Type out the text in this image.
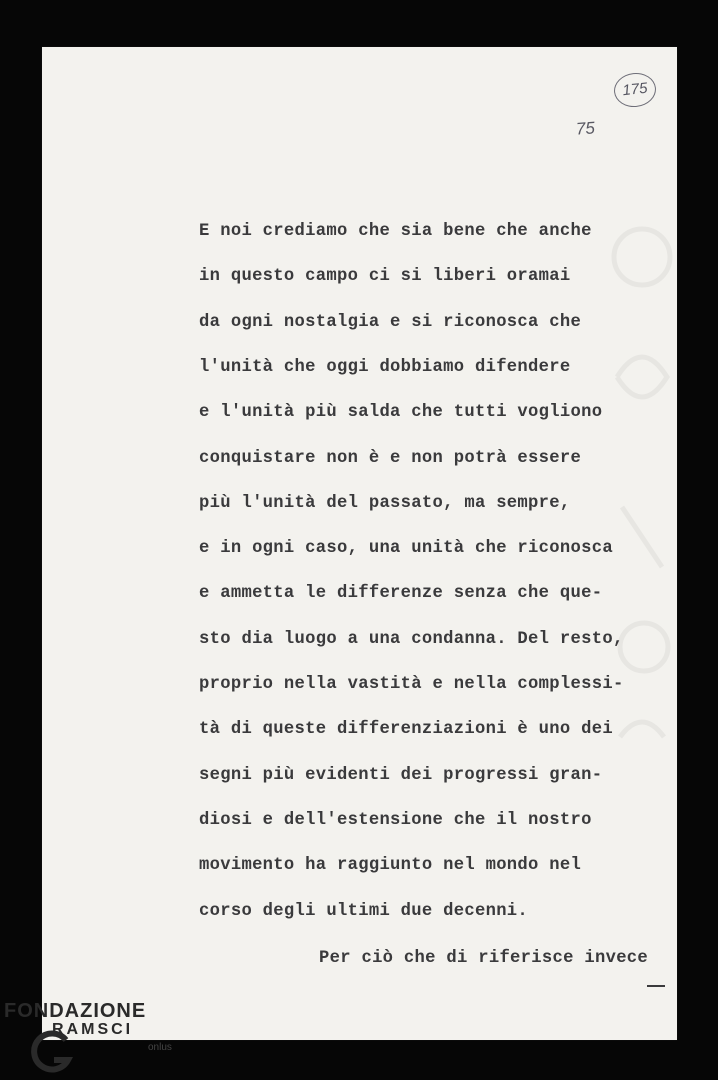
175
75
E noi crediamo che sia bene che anche
in questo campo ci si liberi oramai
da ogni nostalgia e si riconosca che
l'unità che oggi dobbiamo difendere
e l'unità più salda che tutti vogliono
conquistare non è e non potrà essere
più l'unità del passato, ma sempre,
e in ogni caso, una unità che riconosca
e ammetta le differenze senza che que-
sto dia luogo a una condanna. Del resto,
proprio nella vastità e nella complessi-
tà di queste differenziazioni è uno dei
segni più evidenti dei progressi gran-
diosi e dell'estensione che il nostro
movimento ha raggiunto nel mondo nel
corso degli ultimi due decenni.
Per ciò che di riferisce invece
FONDAZIONE
RAMSCI
onlus
